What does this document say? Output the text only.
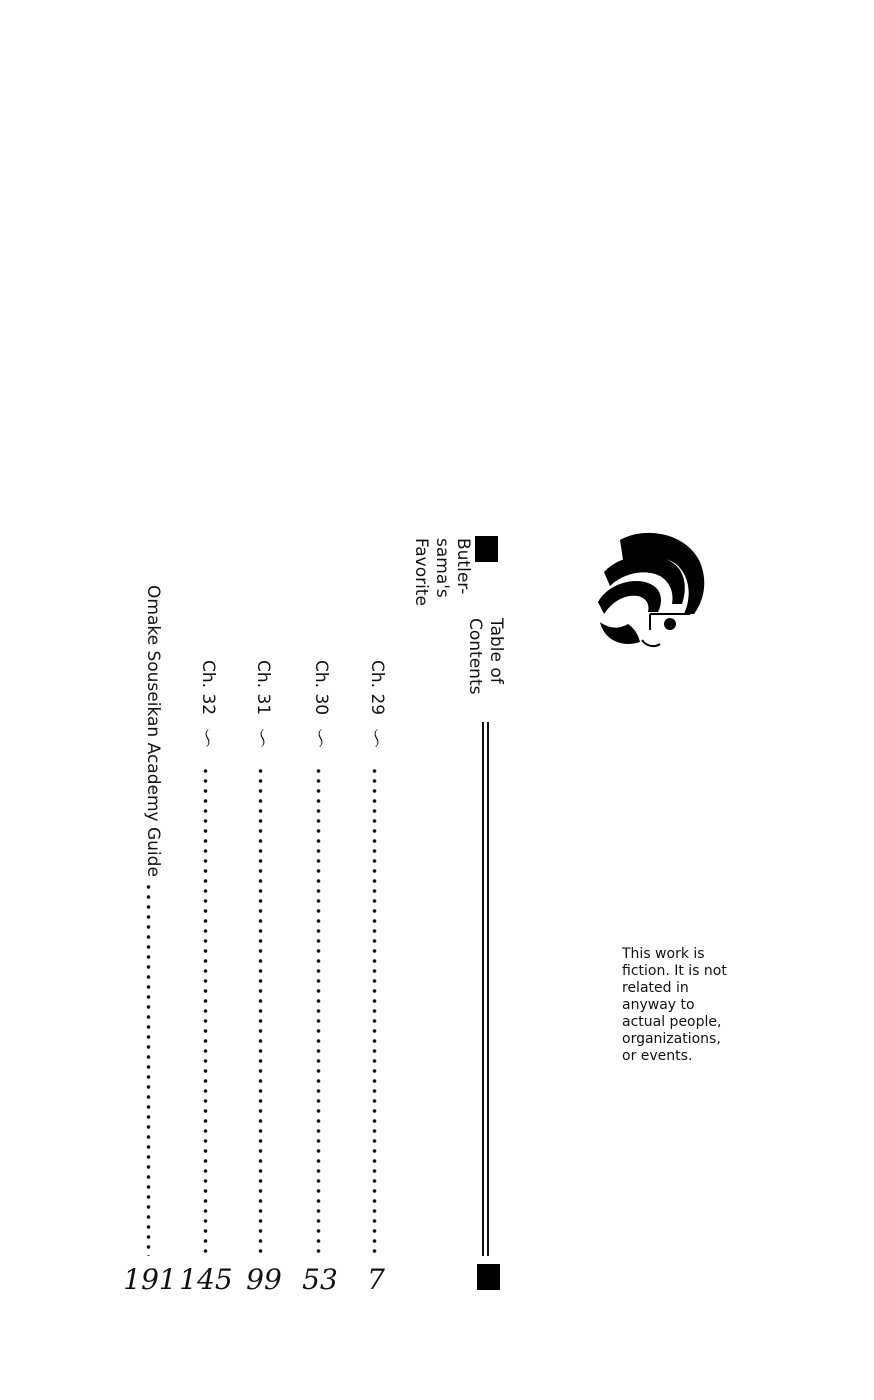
Table of Contents
Butler-sama's Favorite
Ch. 29
〜
7
Ch. 30
〜
53
Ch. 31
〜
99
Ch. 32
〜
145
Omake Souseikan Academy Guide
191
This work is fiction. It is not related in anyway to actual people, organizations, or events.
